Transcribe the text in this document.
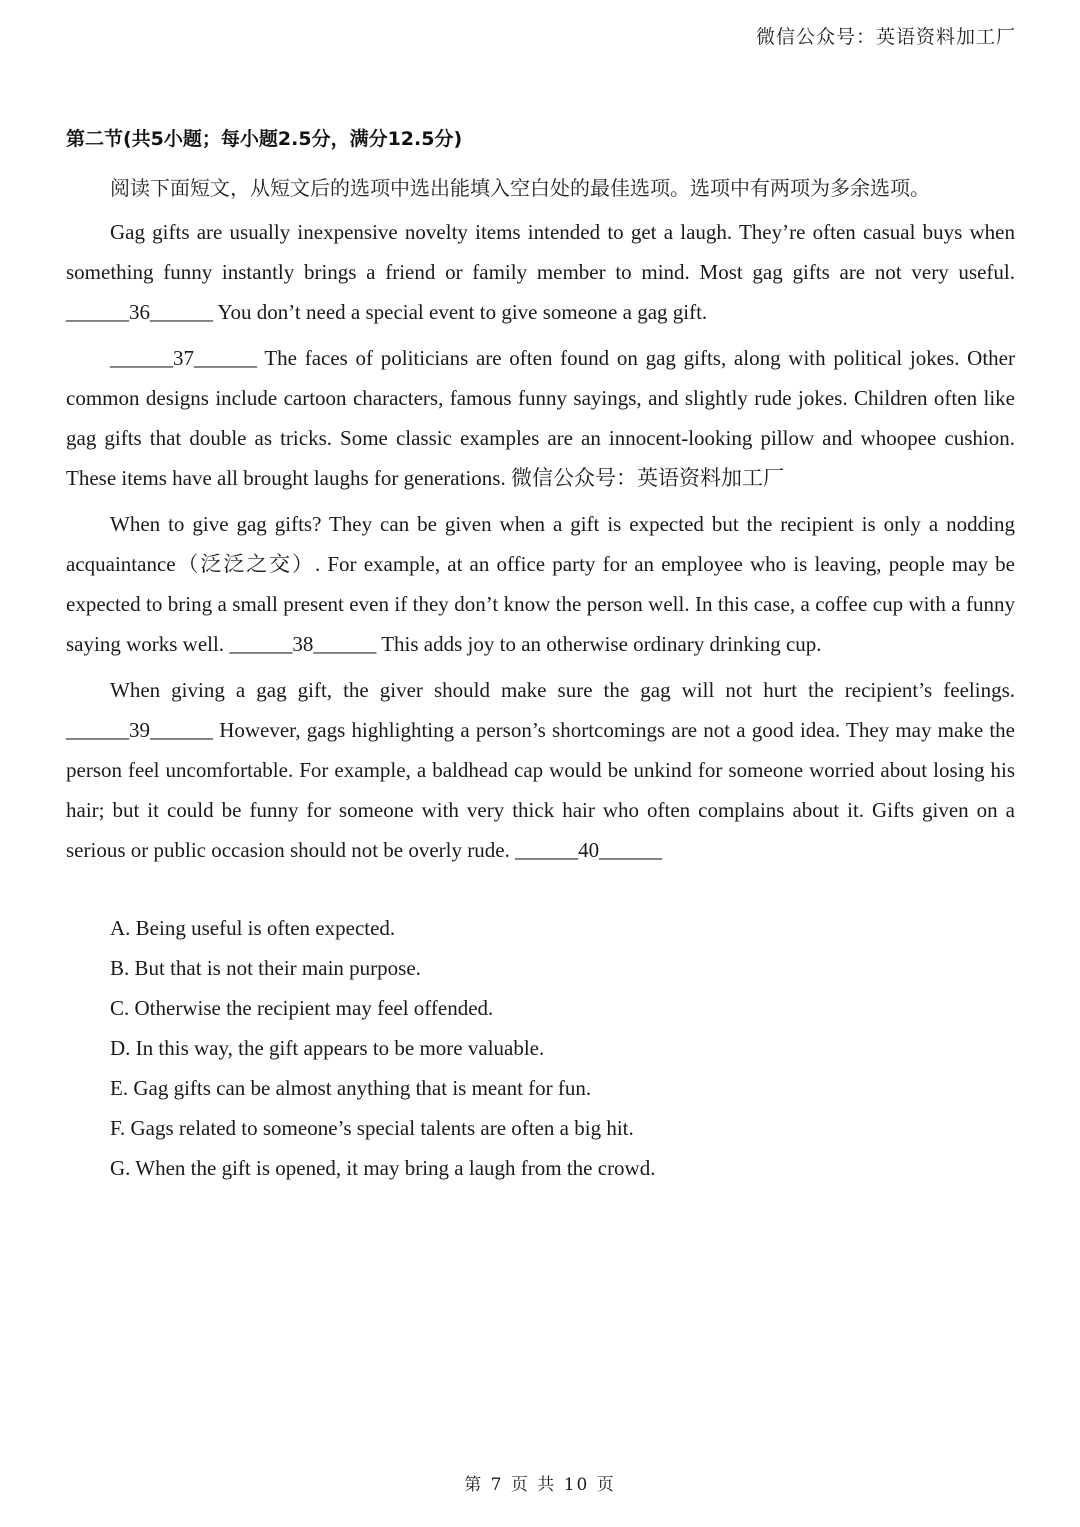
微信公众号：英语资料加工厂
第二节(共5小题；每小题2.5分，满分12.5分)
阅读下面短文，从短文后的选项中选出能填入空白处的最佳选项。选项中有两项为多余选项。

Gag gifts are usually inexpensive novelty items intended to get a laugh. They’re often casual buys when something funny instantly brings a friend or family member to mind. Most gag gifts are not very useful. ______36______ You don’t need a special event to give someone a gag gift.

______37______ The faces of politicians are often found on gag gifts, along with political jokes. Other common designs include cartoon characters, famous funny sayings, and slightly rude jokes. Children often like gag gifts that double as tricks. Some classic examples are an innocent-looking pillow and whoopee cushion. These items have all brought laughs for generations. 微信公众号：英语资料加工厂

When to give gag gifts? They can be given when a gift is expected but the recipient is only a nodding acquaintance（泛泛之交）. For example, at an office party for an employee who is leaving, people may be expected to bring a small present even if they don’t know the person well. In this case, a coffee cup with a funny saying works well. ______38______ This adds joy to an otherwise ordinary drinking cup.

When giving a gag gift, the giver should make sure the gag will not hurt the recipient’s feelings. ______39______ However, gags highlighting a person’s shortcomings are not a good idea. They may make the person feel uncomfortable. For example, a baldhead cap would be unkind for someone worried about losing his hair; but it could be funny for someone with very thick hair who often complains about it. Gifts given on a serious or public occasion should not be overly rude. ______40______

A. Being useful is often expected.
B. But that is not their main purpose.
C. Otherwise the recipient may feel offended.
D. In this way, the gift appears to be more valuable.
E. Gag gifts can be almost anything that is meant for fun.
F. Gags related to someone’s special talents are often a big hit.
G. When the gift is opened, it may bring a laugh from the crowd.
第 7 页 共 10 页
